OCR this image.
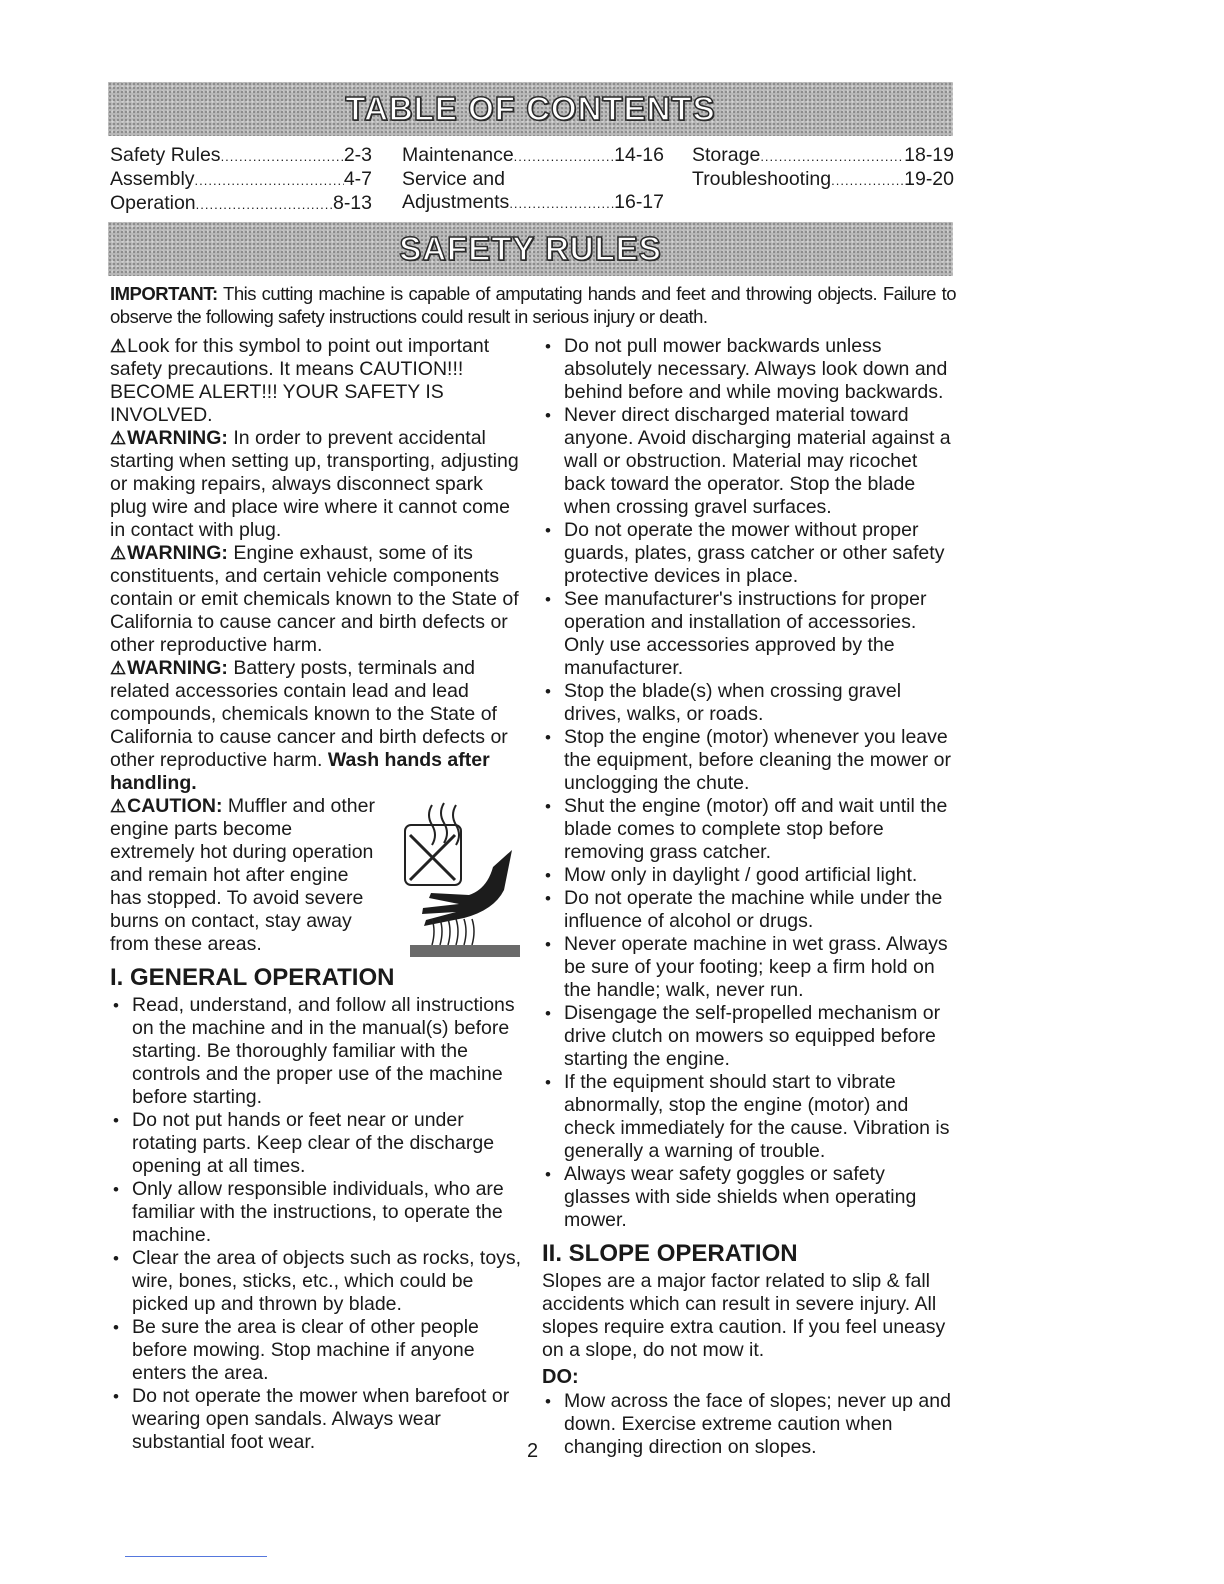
TABLE OF CONTENTS
Safety Rules .....	2-3
Assembly .....	4-7
Operation .....	8-13
Maintenance .....	14-16
Service and
Adjustments .....	16-17
Storage .....	18-19
Troubleshooting .....	19-20
SAFETY RULES

IMPORTANT: This cutting machine is capable of amputating hands and feet and throwing objects. Failure to observe the following safety instructions could result in serious injury or death.

⚠Look for this symbol to point out important safety precautions. It means CAUTION!!! BECOME ALERT!!! YOUR SAFETY IS INVOLVED.

⚠WARNING: In order to prevent accidental starting when setting up, transporting, adjusting or making repairs, always disconnect spark plug wire and place wire where it cannot come in contact with plug.

⚠WARNING: Engine exhaust, some of its constituents, and certain vehicle components contain or emit chemicals known to the State of California to cause cancer and birth defects or other reproductive harm.

⚠WARNING: Battery posts, terminals and related accessories contain lead and lead compounds, chemicals known to the State of California to cause cancer and birth defects or other reproductive harm. Wash hands after handling.

⚠CAUTION: Muffler and other engine parts become extremely hot during operation and remain hot after engine has stopped. To avoid severe burns on contact, stay away from these areas.

I. GENERAL OPERATION
• Read, understand, and follow all instructions on the machine and in the manual(s) before starting. Be thoroughly familiar with the controls and the proper use of the machine before starting.
• Do not put hands or feet near or under rotating parts. Keep clear of the discharge opening at all times.
• Only allow responsible individuals, who are familiar with the instructions, to operate the machine.
• Clear the area of objects such as rocks, toys, wire, bones, sticks, etc., which could be picked up and thrown by blade.
• Be sure the area is clear of other people before mowing. Stop machine if anyone enters the area.
• Do not operate the mower when barefoot or wearing open sandals. Always wear substantial foot wear.
• Do not pull mower backwards unless absolutely necessary. Always look down and behind before and while moving backwards.
• Never direct discharged material toward anyone. Avoid discharging material against a wall or obstruction. Material may ricochet back toward the operator. Stop the blade when crossing gravel surfaces.
• Do not operate the mower without proper guards, plates, grass catcher or other safety protective devices in place.
• See manufacturer's instructions for proper operation and installation of accessories. Only use accessories approved by the manufacturer.
• Stop the blade(s) when crossing gravel drives, walks, or roads.
• Stop the engine (motor) whenever you leave the equipment, before cleaning the mower or unclogging the chute.
• Shut the engine (motor) off and wait until the blade comes to complete stop before removing grass catcher.
• Mow only in daylight / good artificial light.
• Do not operate the machine while under the influence of alcohol or drugs.
• Never operate machine in wet grass. Always be sure of your footing; keep a firm hold on the handle; walk, never run.
• Disengage the self-propelled mechanism or drive clutch on mowers so equipped before starting the engine.
• If the equipment should start to vibrate abnormally, stop the engine (motor) and check immediately for the cause. Vibration is generally a warning of trouble.
• Always wear safety goggles or safety glasses with side shields when operating mower.
II. SLOPE OPERATION

Slopes are a major factor related to slip & fall accidents which can result in severe injury. All slopes require extra caution. If you feel uneasy on a slope, do not mow it.

DO:
• Mow across the face of slopes; never up and down. Exercise extreme caution when changing direction on slopes.
2
